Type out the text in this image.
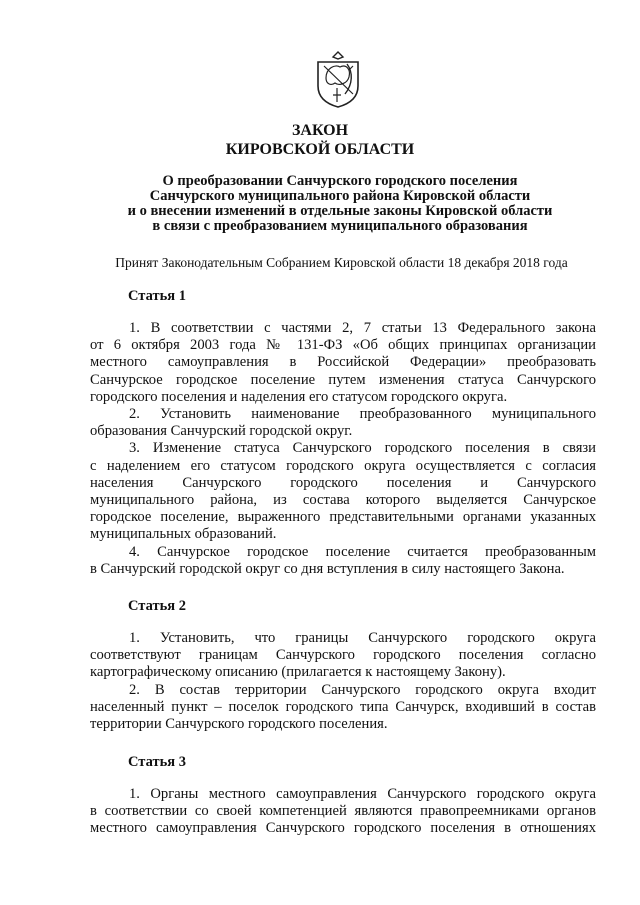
ЗАКОН
КИРОВСКОЙ ОБЛАСТИ
О преобразовании Санчурского городского поселения
Санчурского муниципального района Кировской области
и о внесении изменений в отдельные законы Кировской области
в связи с преобразованием муниципального образования
Принят Законодательным Собранием Кировской области 18 декабря 2018 года
Статья 1
1. В соответствии с частями 2, 7 статьи 13 Федерального закона
от 6 октября 2003 года № 131-ФЗ «Об общих принципах организации
местного самоуправления в Российской Федерации» преобразовать
Санчурское городское поселение путем изменения статуса Санчурского
городского поселения и наделения его статусом городского округа.
2. Установить наименование преобразованного муниципального
образования Санчурский городской округ.
3. Изменение статуса Санчурского городского поселения в связи
с наделением его статусом городского округа осуществляется с согласия
населения Санчурского городского поселения и Санчурского
муниципального района, из состава которого выделяется Санчурское
городское поселение, выраженного представительными органами указанных
муниципальных образований.
4. Санчурское городское поселение считается преобразованным
в Санчурский городской округ со дня вступления в силу настоящего Закона.
Статья 2
1. Установить, что границы Санчурского городского округа
соответствуют границам Санчурского городского поселения согласно
картографическому описанию (прилагается к настоящему Закону).
2. В состав территории Санчурского городского округа входит
населенный пункт – поселок городского типа Санчурск, входивший в состав
территории Санчурского городского поселения.
Статья 3
1. Органы местного самоуправления Санчурского городского округа
в соответствии со своей компетенцией являются правопреемниками органов
местного самоуправления Санчурского городского поселения в отношениях
